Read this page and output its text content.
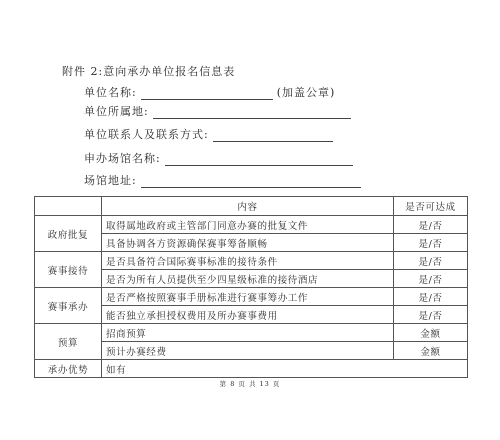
附件 2:意向承办单位报名信息表
单位名称:	(加盖公章)
单位所属地:
单位联系人及联系方式:
申办场馆名称:
场馆地址:
	内容	是否可达成
政府批复	取得属地政府或主管部门同意办赛的批复文件	是/否
	具备协调各方资源确保赛事筹备顺畅	是/否
赛事接待	是否具备符合国际赛事标准的接待条件	是/否
	是否为所有人员提供至少四星级标准的接待酒店	是/否
赛事承办	是否严格按照赛事手册标准进行赛事筹办工作	是/否
	能否独立承担授权费用及所办赛事费用	是/否
预算	招商预算	金额
	预计办赛经费	金额
承办优势	如有	
第 8 页 共 13 页
